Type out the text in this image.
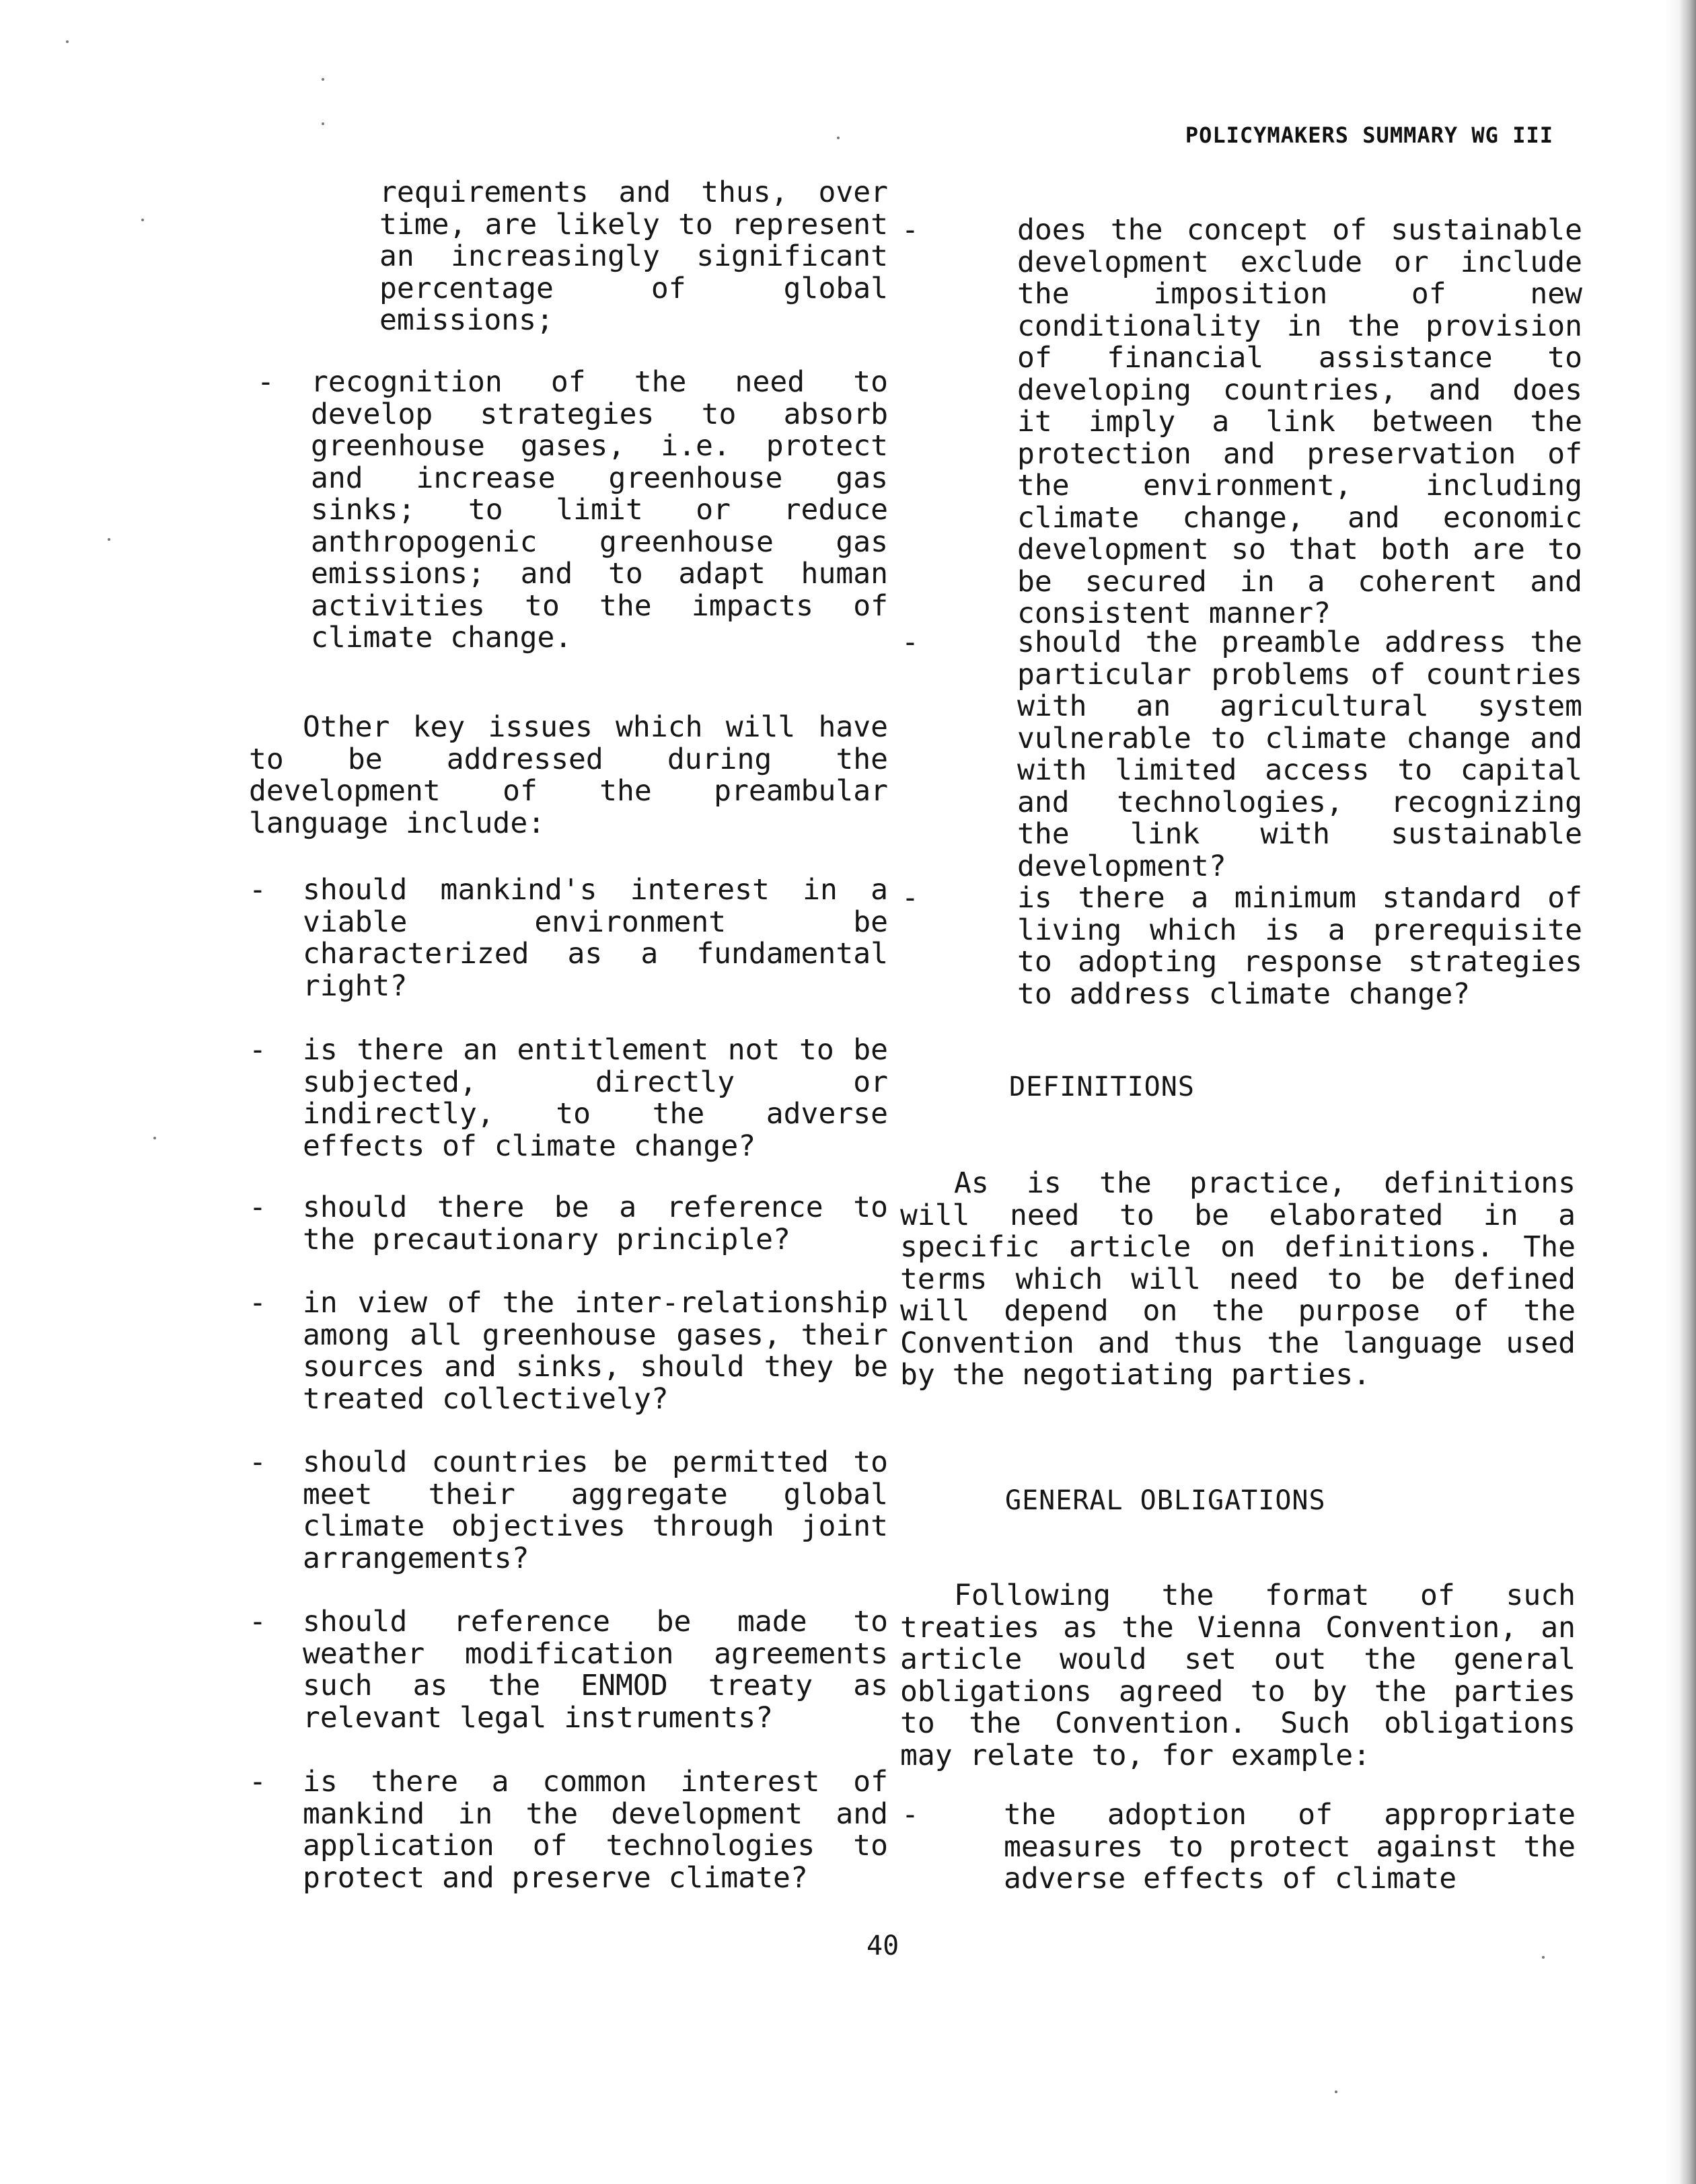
POLICYMAKERS SUMMARY WG III

requirements and thus, over time, are likely to represent an increasingly significant percentage of global emissions;

-	recognition of the need to develop strategies to absorb greenhouse gases, i.e. protect and increase greenhouse gas sinks; to limit or reduce anthropogenic greenhouse gas emissions; and to adapt human activities to the impacts of climate change.

Other key issues which will have to be addressed during the development of the preambular language include:

-	should mankind's interest in a viable environment be characterized as a fundamental right?

-	is there an entitlement not to be subjected, directly or indirectly, to the adverse effects of climate change?

-	should there be a reference to the precautionary principle?

-	in view of the inter-relationship among all greenhouse gases, their sources and sinks, should they be treated collectively?

-	should countries be permitted to meet their aggregate global climate objectives through joint arrangements?

-	should reference be made to weather modification agreements such as the ENMOD treaty as relevant legal instruments?

-	is there a common interest of mankind in the development and application of technologies to protect and preserve climate?

-	does the concept of sustainable development exclude or include the imposition of new conditionality in the provision of financial assistance to developing countries, and does it imply a link between the protection and preservation of the environment, including climate change, and economic development so that both are to be secured in a coherent and consistent manner?

-	should the preamble address the particular problems of countries with an agricultural system vulnerable to climate change and with limited access to capital and technologies, recognizing the link with sustainable development?

-	is there a minimum standard of living which is a prerequisite to adopting response strategies to address climate change?

DEFINITIONS

As is the practice, definitions will need to be elaborated in a specific article on definitions. The terms which will need to be defined will depend on the purpose of the Convention and thus the language used by the negotiating parties.

GENERAL OBLIGATIONS

Following the format of such treaties as the Vienna Convention, an article would set out the general obligations agreed to by the parties to the Convention. Such obligations may relate to, for example:

-	the adoption of appropriate measures to protect against the adverse effects of climate

40
